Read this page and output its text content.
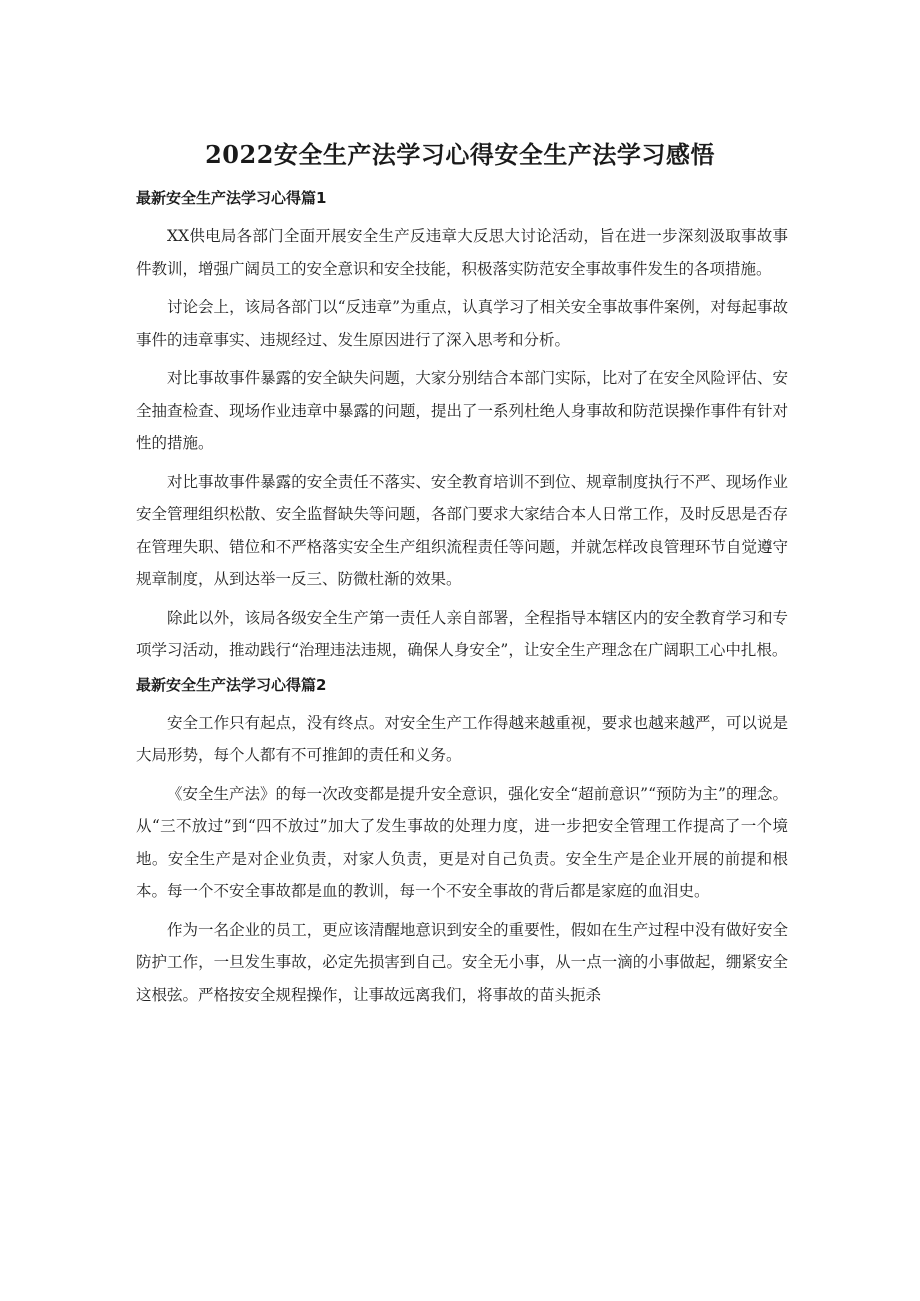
2022安全生产法学习心得安全生产法学习感悟
最新安全生产法学习心得篇1

XX供电局各部门全面开展安全生产反违章大反思大讨论活动，旨在进一步深刻汲取事故事件教训，增强广阔员工的安全意识和安全技能，积极落实防范安全事故事件发生的各项措施。

讨论会上，该局各部门以“反违章”为重点，认真学习了相关安全事故事件案例，对每起事故事件的违章事实、违规经过、发生原因进行了深入思考和分析。

对比事故事件暴露的安全缺失问题，大家分别结合本部门实际，比对了在安全风险评估、安全抽查检查、现场作业违章中暴露的问题，提出了一系列杜绝人身事故和防范误操作事件有针对性的措施。

对比事故事件暴露的安全责任不落实、安全教育培训不到位、规章制度执行不严、现场作业安全管理组织松散、安全监督缺失等问题，各部门要求大家结合本人日常工作，及时反思是否存在管理失职、错位和不严格落实安全生产组织流程责任等问题，并就怎样改良管理环节自觉遵守规章制度，从到达举一反三、防微杜渐的效果。

除此以外，该局各级安全生产第一责任人亲自部署，全程指导本辖区内的安全教育学习和专项学习活动，推动践行“治理违法违规，确保人身安全”，让安全生产理念在广阔职工心中扎根。

最新安全生产法学习心得篇2

安全工作只有起点，没有终点。对安全生产工作得越来越重视，要求也越来越严，可以说是大局形势，每个人都有不可推卸的责任和义务。

《安全生产法》的每一次改变都是提升安全意识，强化安全“超前意识”“预防为主”的理念。从“三不放过”到“四不放过”加大了发生事故的处理力度，进一步把安全管理工作提高了一个境地。安全生产是对企业负责，对家人负责，更是对自己负责。安全生产是企业开展的前提和根本。每一个不安全事故都是血的教训，每一个不安全事故的背后都是家庭的血泪史。

作为一名企业的员工，更应该清醒地意识到安全的重要性，假如在生产过程中没有做好安全防护工作，一旦发生事故，必定先损害到自己。安全无小事，从一点一滴的小事做起，绷紧安全这根弦。严格按安全规程操作，让事故远离我们，将事故的苗头扼杀
